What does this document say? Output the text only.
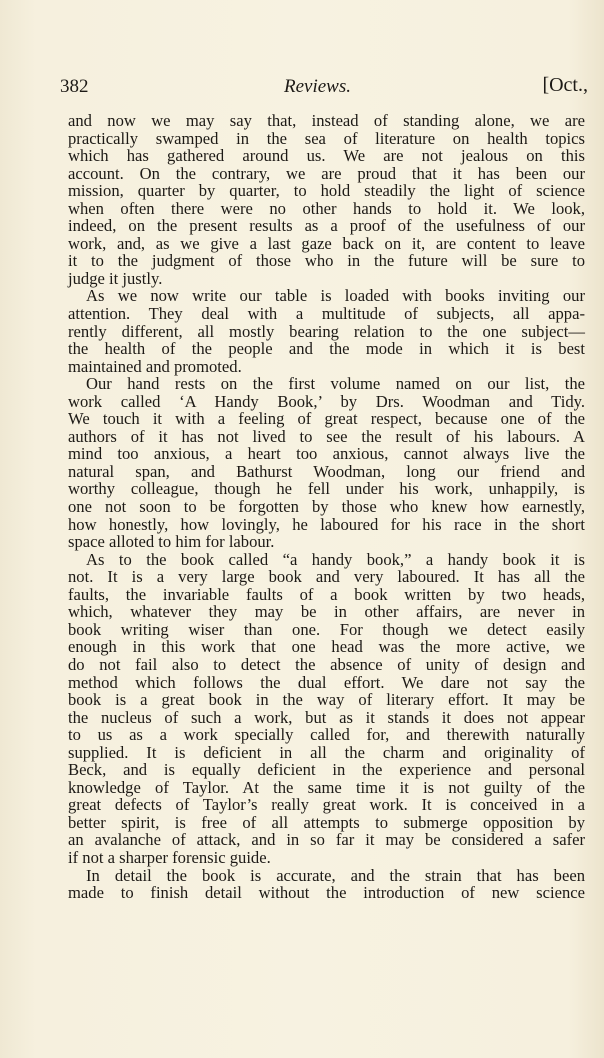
382	Reviews.	[Oct.,
and now we may say that, instead of standing alone, we are
practically swamped in the sea of literature on health topics
which has gathered around us. We are not jealous on this
account. On the contrary, we are proud that it has been our
mission, quarter by quarter, to hold steadily the light of science
when often there were no other hands to hold it. We look,
indeed, on the present results as a proof of the usefulness of our
work, and, as we give a last gaze back on it, are content to leave
it to the judgment of those who in the future will be sure to
judge it justly.
As we now write our table is loaded with books inviting our
attention. They deal with a multitude of subjects, all appa-
rently different, all mostly bearing relation to the one subject—
the health of the people and the mode in which it is best
maintained and promoted.
Our hand rests on the first volume named on our list, the
work called ‘A Handy Book,’ by Drs. Woodman and Tidy.
We touch it with a feeling of great respect, because one of the
authors of it has not lived to see the result of his labours. A
mind too anxious, a heart too anxious, cannot always live the
natural span, and Bathurst Woodman, long our friend and
worthy colleague, though he fell under his work, unhappily, is
one not soon to be forgotten by those who knew how earnestly,
how honestly, how lovingly, he laboured for his race in the short
space alloted to him for labour.
As to the book called “a handy book,” a handy book it is
not. It is a very large book and very laboured. It has all the
faults, the invariable faults of a book written by two heads,
which, whatever they may be in other affairs, are never in
book writing wiser than one. For though we detect easily
enough in this work that one head was the more active, we
do not fail also to detect the absence of unity of design and
method which follows the dual effort. We dare not say the
book is a great book in the way of literary effort. It may be
the nucleus of such a work, but as it stands it does not appear
to us as a work specially called for, and therewith naturally
supplied. It is deficient in all the charm and originality of
Beck, and is equally deficient in the experience and personal
knowledge of Taylor. At the same time it is not guilty of the
great defects of Taylor’s really great work. It is conceived in a
better spirit, is free of all attempts to submerge opposition by
an avalanche of attack, and in so far it may be considered a safer
if not a sharper forensic guide.
In detail the book is accurate, and the strain that has been
made to finish detail without the introduction of new science
